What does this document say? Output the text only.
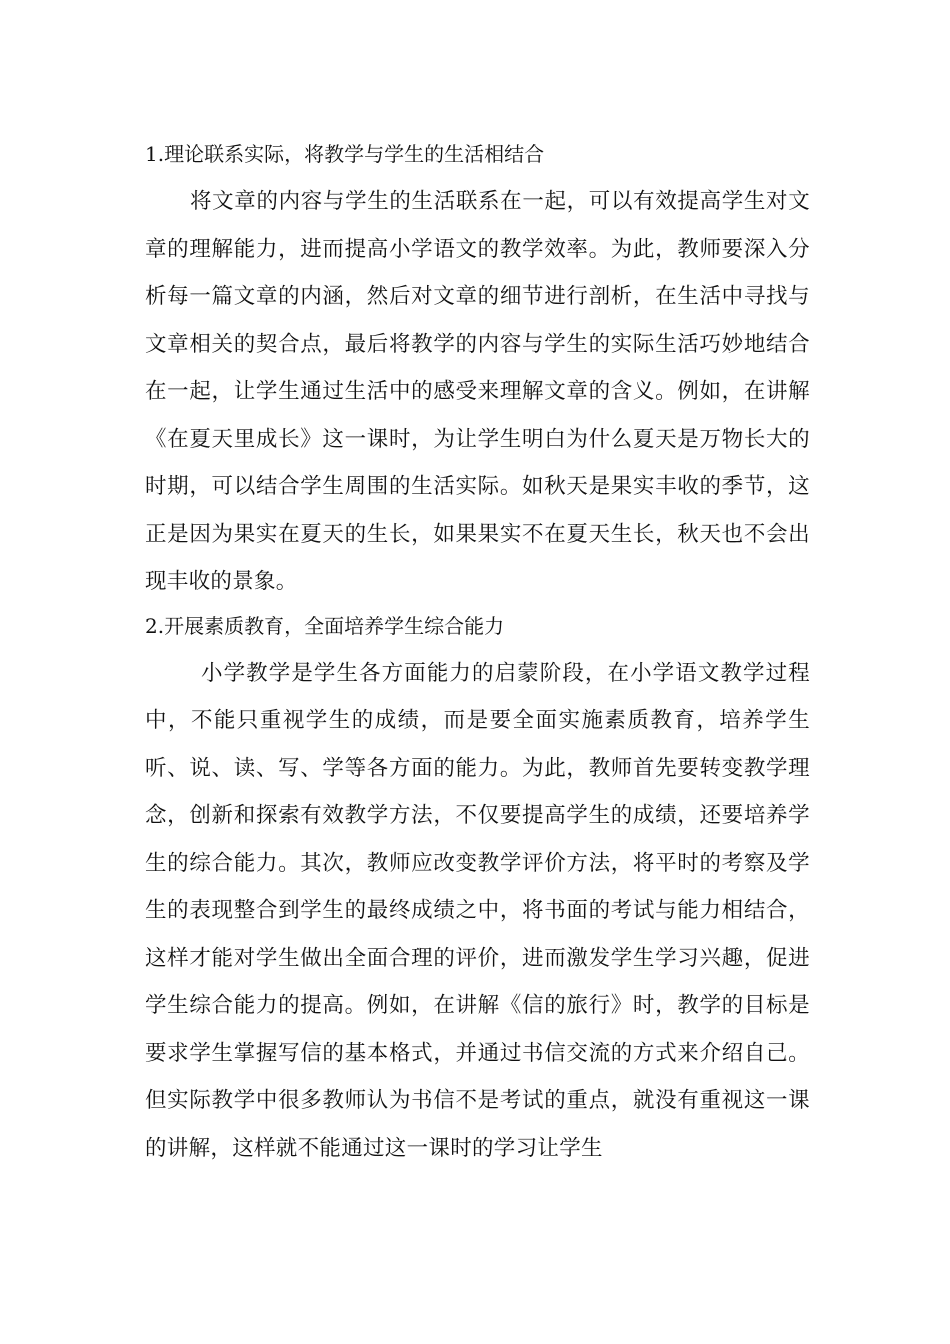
1.理论联系实际，将教学与学生的生活相结合

将文章的内容与学生的生活联系在一起，可以有效提高学生对文章的理解能力，进而提高小学语文的教学效率。为此，教师要深入分析每一篇文章的内涵，然后对文章的细节进行剖析，在生活中寻找与文章相关的契合点，最后将教学的内容与学生的实际生活巧妙地结合在一起，让学生通过生活中的感受来理解文章的含义。例如，在讲解《在夏天里成长》这一课时，为让学生明白为什么夏天是万物长大的时期，可以结合学生周围的生活实际。如秋天是果实丰收的季节，这正是因为果实在夏天的生长，如果果实不在夏天生长，秋天也不会出现丰收的景象。

2.开展素质教育，全面培养学生综合能力

小学教学是学生各方面能力的启蒙阶段，在小学语文教学过程中，不能只重视学生的成绩，而是要全面实施素质教育，培养学生听、说、读、写、学等各方面的能力。为此，教师首先要转变教学理念，创新和探索有效教学方法，不仅要提高学生的成绩，还要培养学生的综合能力。其次，教师应改变教学评价方法，将平时的考察及学生的表现整合到学生的最终成绩之中，将书面的考试与能力相结合，这样才能对学生做出全面合理的评价，进而激发学生学习兴趣，促进学生综合能力的提高。例如，在讲解《信的旅行》时，教学的目标是要求学生掌握写信的基本格式，并通过书信交流的方式来介绍自己。但实际教学中很多教师认为书信不是考试的重点，就没有重视这一课的讲解，这样就不能通过这一课时的学习让学生
